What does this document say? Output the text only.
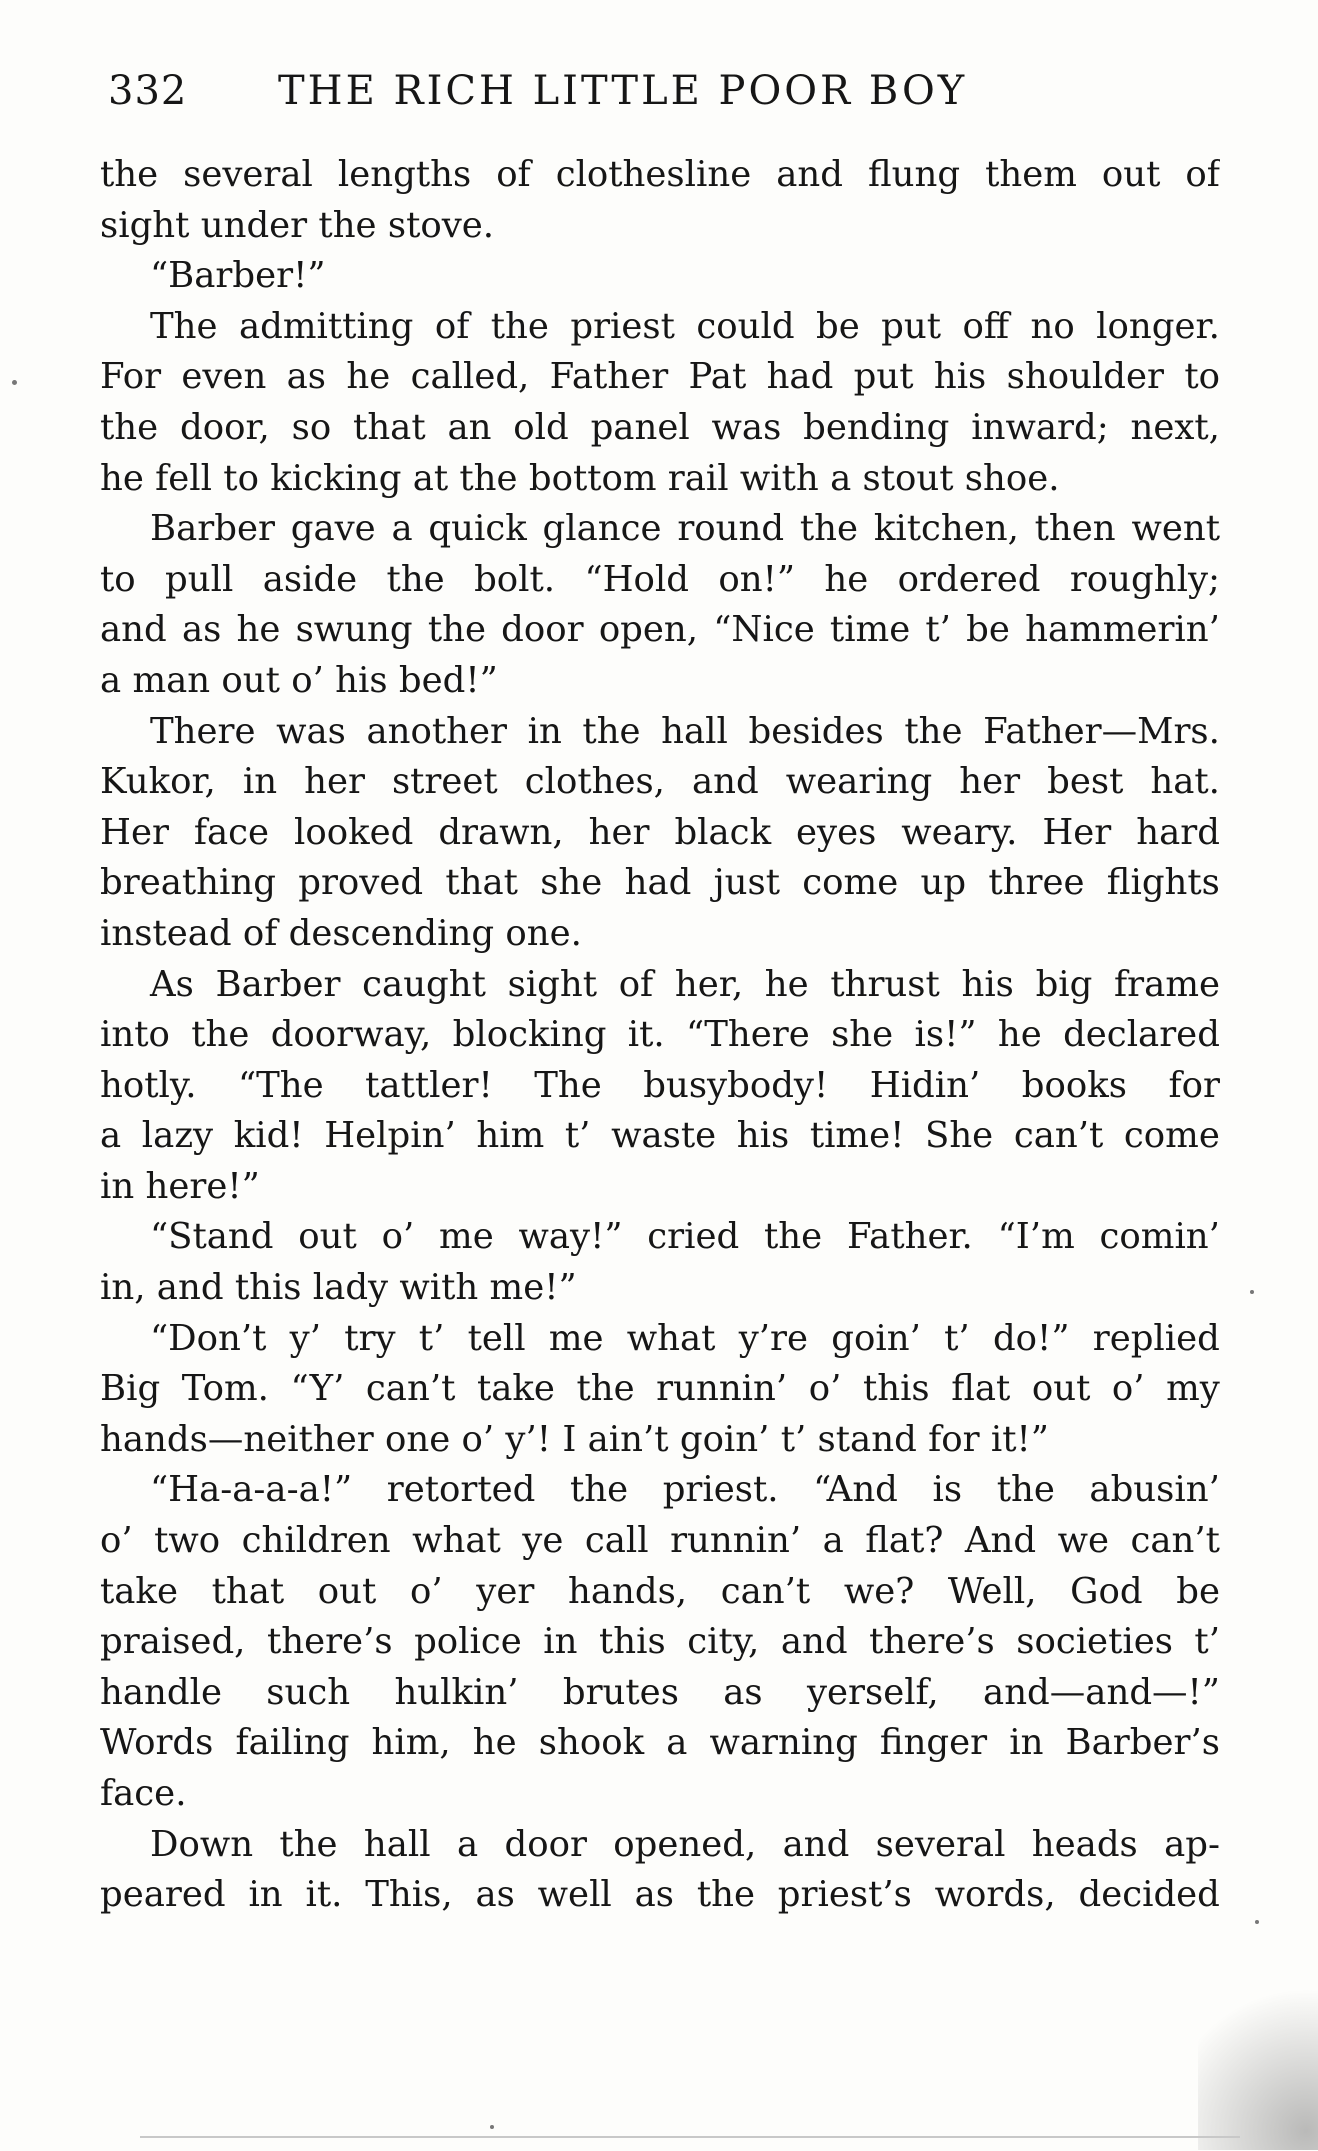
332 THE RICH LITTLE POOR BOY
the several lengths of clothesline and flung them out of
sight under the stove.
“Barber!”
The admitting of the priest could be put off no longer.
For even as he called, Father Pat had put his shoulder to
the door, so that an old panel was bending inward; next,
he fell to kicking at the bottom rail with a stout shoe.
Barber gave a quick glance round the kitchen, then went
to pull aside the bolt. “Hold on!” he ordered roughly;
and as he swung the door open, “Nice time t’ be hammerin’
a man out o’ his bed!”
There was another in the hall besides the Father—Mrs.
Kukor, in her street clothes, and wearing her best hat.
Her face looked drawn, her black eyes weary. Her hard
breathing proved that she had just come up three flights
instead of descending one.
As Barber caught sight of her, he thrust his big frame
into the doorway, blocking it. “There she is!” he declared
hotly. “The tattler! The busybody! Hidin’ books for
a lazy kid! Helpin’ him t’ waste his time! She can’t come
in here!”
“Stand out o’ me way!” cried the Father. “I’m comin’
in, and this lady with me!”
“Don’t y’ try t’ tell me what y’re goin’ t’ do!” replied
Big Tom. “Y’ can’t take the runnin’ o’ this flat out o’ my
hands—neither one o’ y’! I ain’t goin’ t’ stand for it!”
“Ha-a-a-a!” retorted the priest. “And is the abusin’
o’ two children what ye call runnin’ a flat? And we can’t
take that out o’ yer hands, can’t we? Well, God be
praised, there’s police in this city, and there’s societies t’
handle such hulkin’ brutes as yerself, and—and—!”
Words failing him, he shook a warning finger in Barber’s
face.
Down the hall a door opened, and several heads ap-
peared in it. This, as well as the priest’s words, decided
